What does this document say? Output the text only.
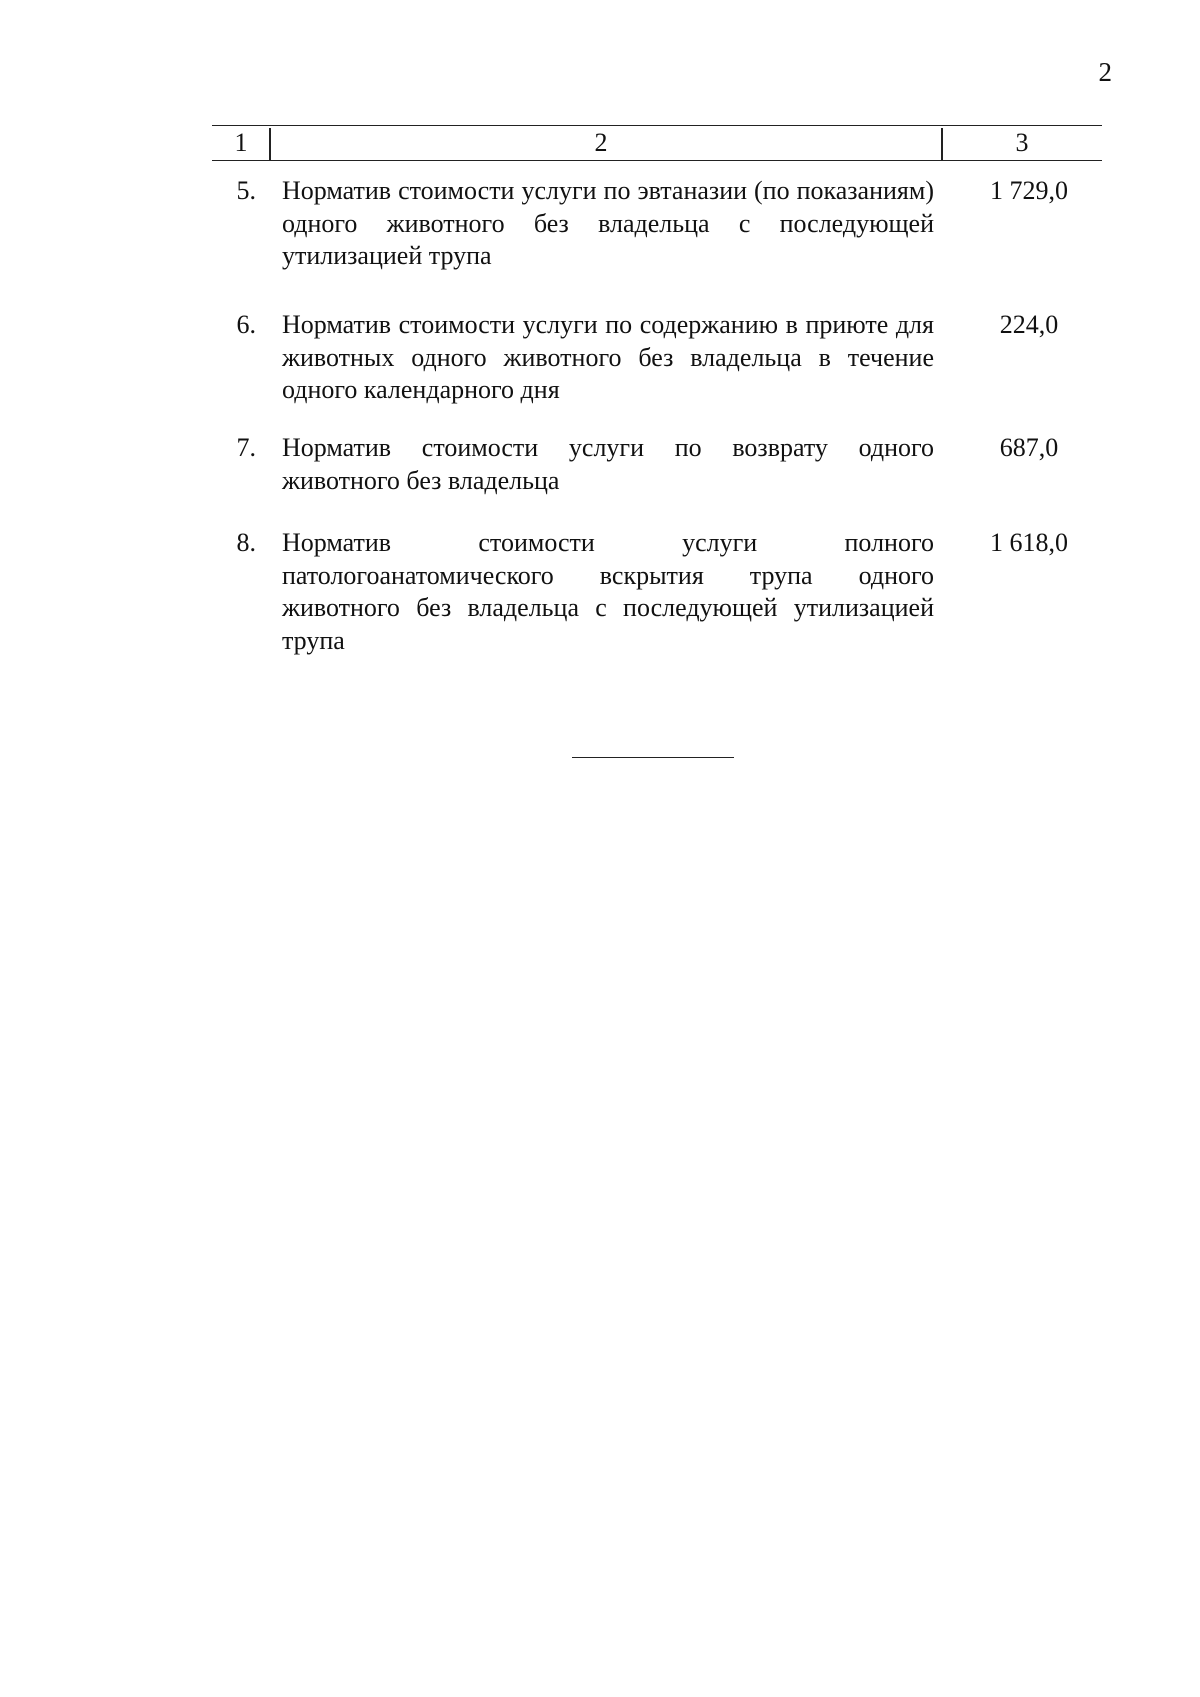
2
1	2	3
5. Норматив стоимости услуги по эвтаназии (по показаниям) одного животного без владельца с последующей утилизацией трупа
1 729,0
6. Норматив стоимости услуги по содержанию в приюте для животных одного животного без владельца в течение одного календарного дня
224,0
7. Норматив стоимости услуги по возврату одного животного без владельца
687,0
8. Норматив стоимости услуги полного патологоанатомического вскрытия трупа одного животного без владельца с последующей утилизацией трупа
1 618,0
